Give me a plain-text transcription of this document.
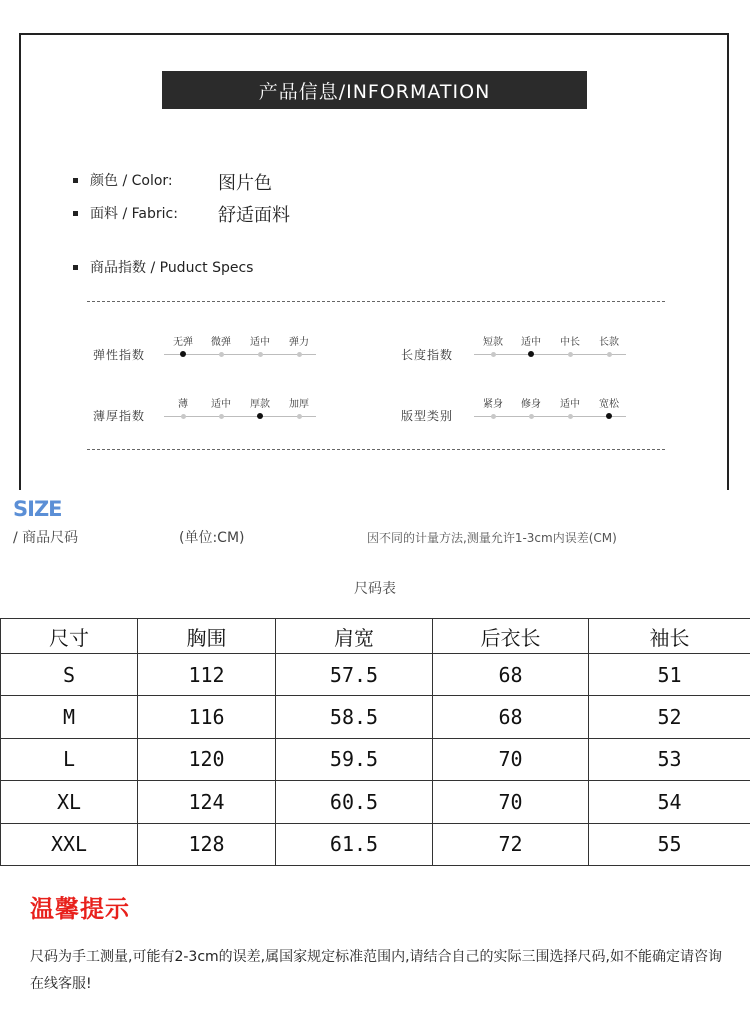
产品信息/INFORMATION
颜色 / Color:	图片色
面料 / Fabric: 舒适面料
商品指数 / Puduct Specs
弹性指数
无弹	微弹	适中	弹力
长度指数
短款	适中	中长	长款
薄厚指数
薄	适中	厚款	加厚
版型类别
紧身	修身	适中	宽松
SIZE
/ 商品尺码	(单位:CM)	因不同的计量方法,测量允许1-3cm内误差(CM)
尺码表
尺寸	胸围	肩宽	后衣长	袖长
S	112	57.5	68	51
M	116	58.5	68	52
L	120	59.5	70	53
XL	124	60.5	70	54
XXL	128	61.5	72	55
温馨提示
尺码为手工测量,可能有2-3cm的误差,属国家规定标准范围内,请结合自己的实际三围选择尺码,如不能确定请咨询在线客服!
